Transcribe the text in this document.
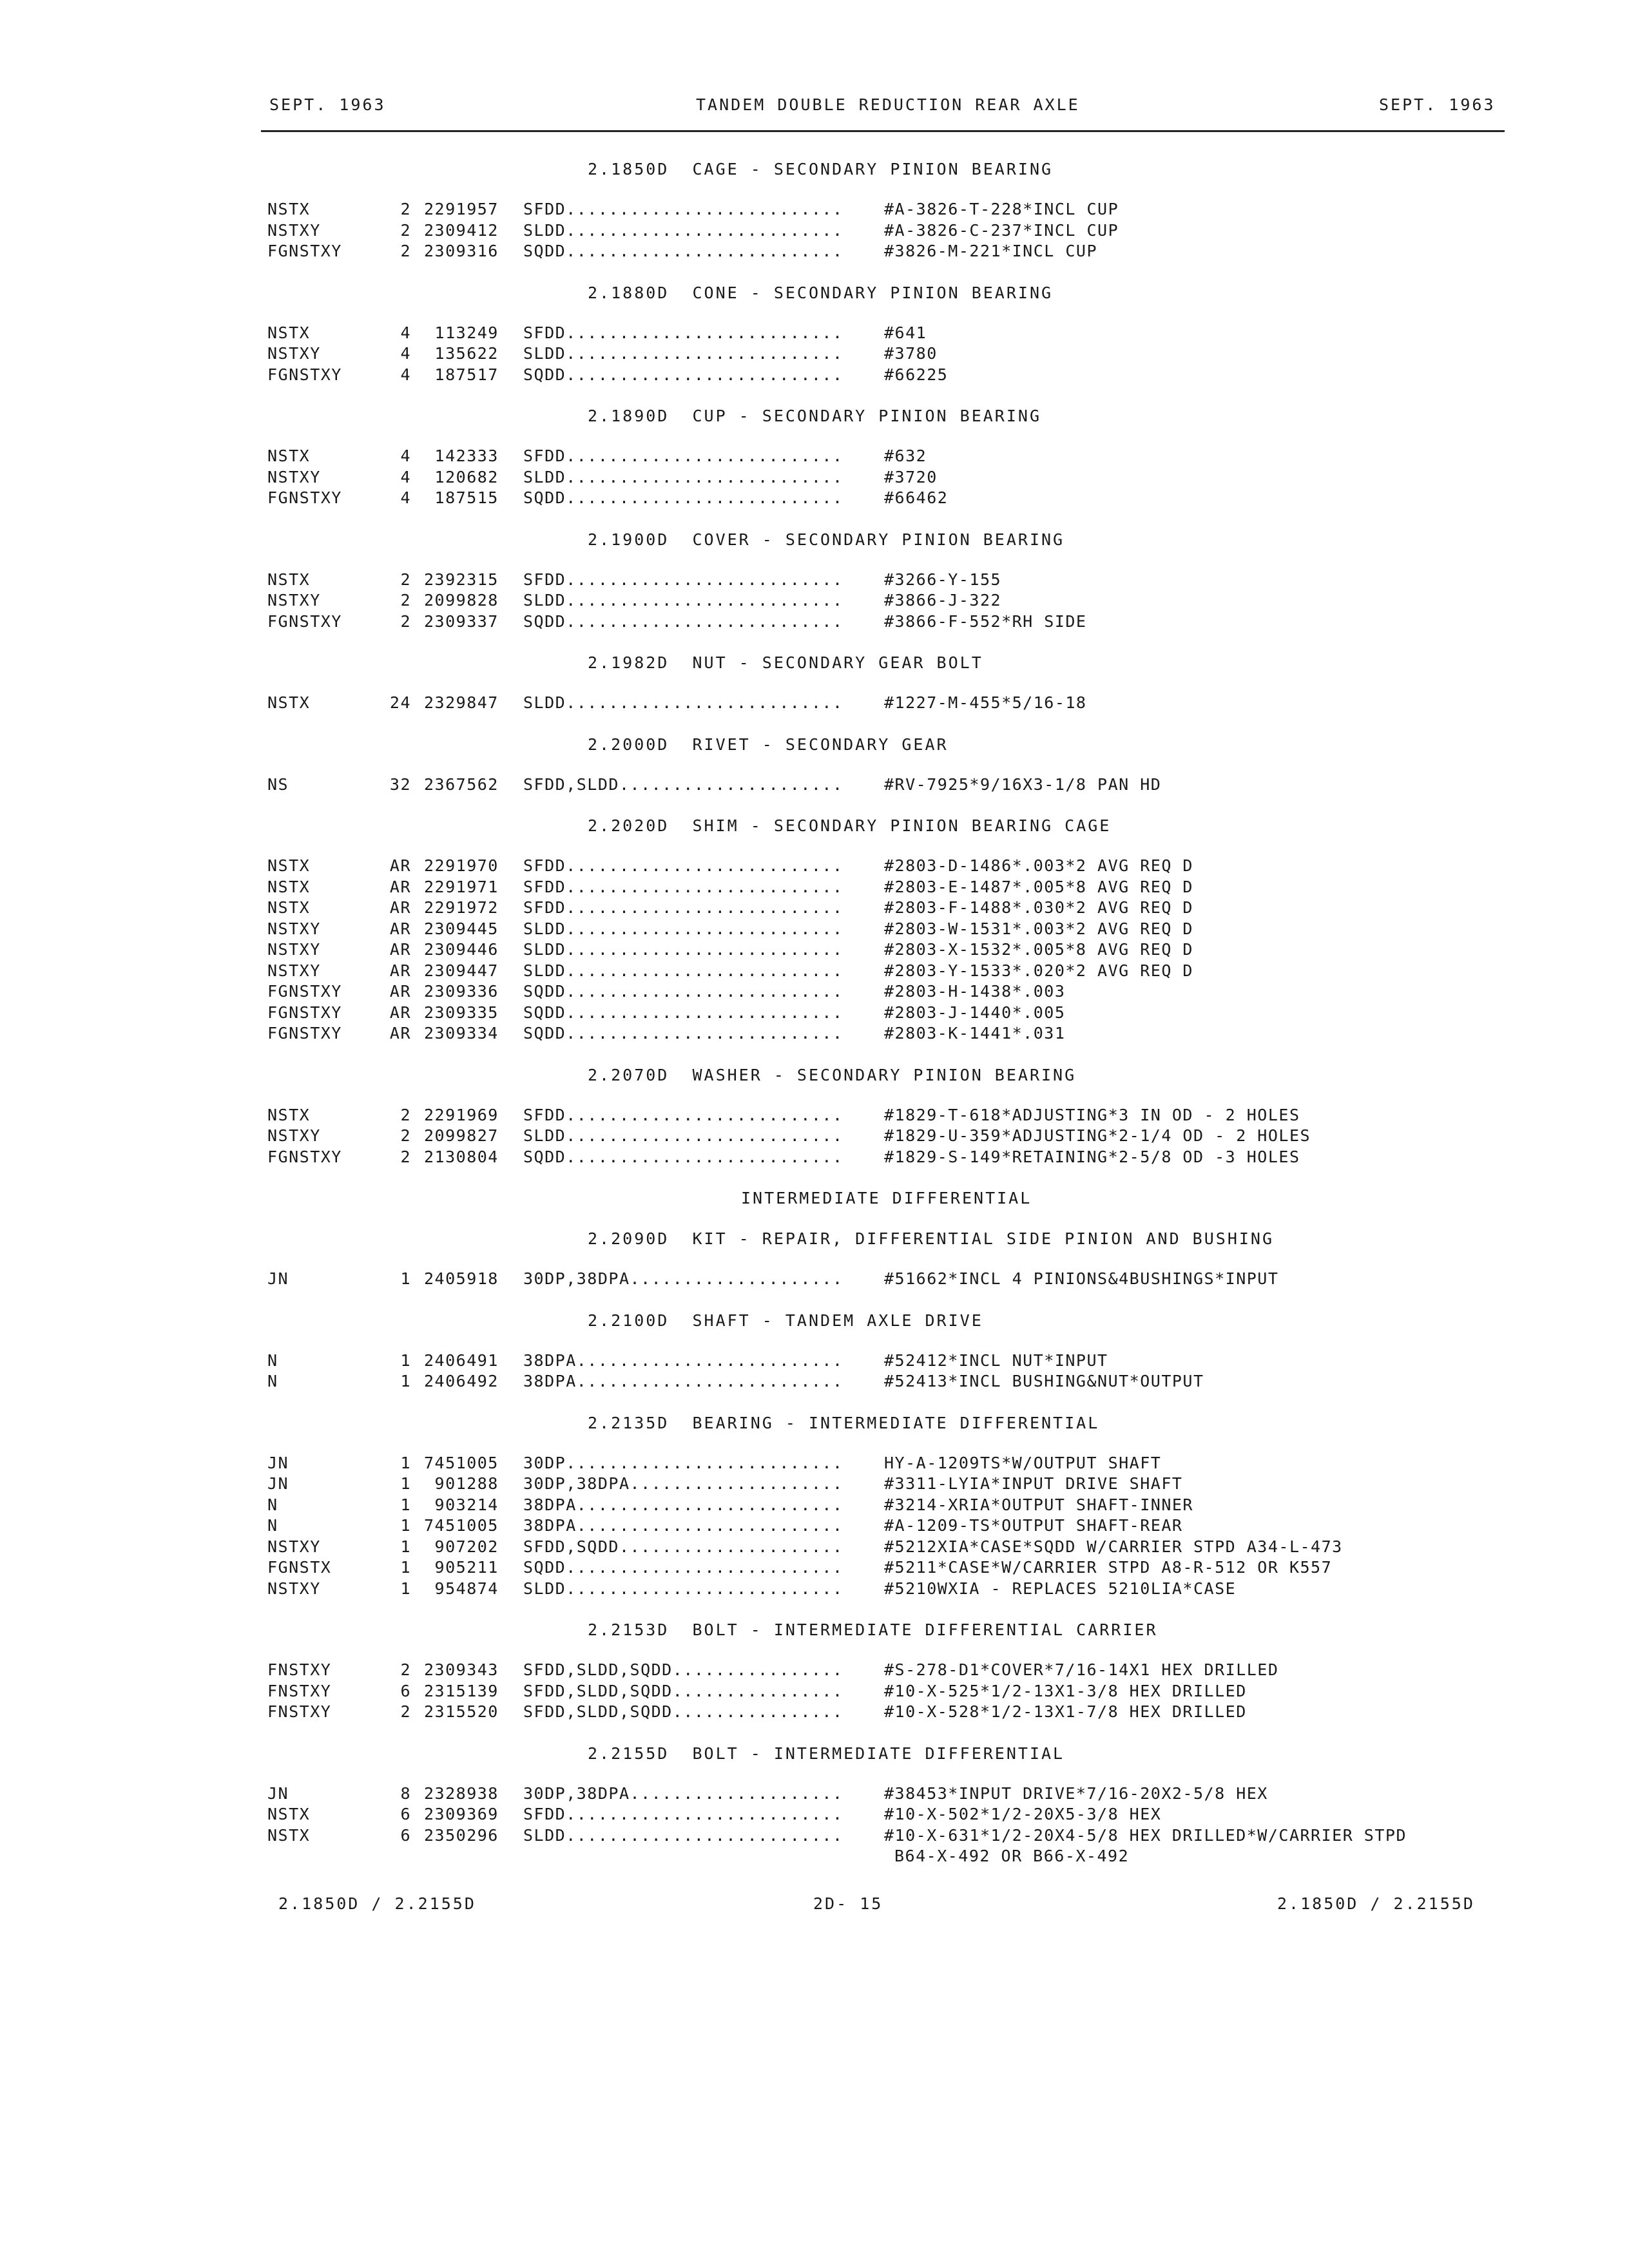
SEPT. 1963	TANDEM DOUBLE REDUCTION REAR AXLE	SEPT. 1963
2.1850D  CAGE - SECONDARY PINION BEARING
NSTX	2 2291957 SFDD..........................	#A-3826-T-228*INCL CUP
NSTXY	2 2309412 SLDD..........................	#A-3826-C-237*INCL CUP
FGNSTXY	2 2309316 SQDD..........................	#3826-M-221*INCL CUP
2.1880D  CONE - SECONDARY PINION BEARING
NSTX	4 113249 SFDD..........................	#641
NSTXY	4 135622 SLDD..........................	#3780
FGNSTXY	4 187517 SQDD..........................	#66225
2.1890D  CUP - SECONDARY PINION BEARING
NSTX	4 142333 SFDD..........................	#632
NSTXY	4 120682 SLDD..........................	#3720
FGNSTXY	4 187515 SQDD..........................	#66462
2.1900D  COVER - SECONDARY PINION BEARING
NSTX	2 2392315 SFDD..........................	#3266-Y-155
NSTXY	2 2099828 SLDD..........................	#3866-J-322
FGNSTXY	2 2309337 SQDD..........................	#3866-F-552*RH SIDE
2.1982D  NUT - SECONDARY GEAR BOLT
NSTX	24 2329847 SLDD..........................	#1227-M-455*5/16-18
2.2000D  RIVET - SECONDARY GEAR
NS	32 2367562 SFDD,SLDD.....................	#RV-7925*9/16X3-1/8 PAN HD
2.2020D  SHIM - SECONDARY PINION BEARING CAGE
NSTX	AR 2291970 SFDD..........................	#2803-D-1486*.003*2 AVG REQ D
NSTX	AR 2291971 SFDD..........................	#2803-E-1487*.005*8 AVG REQ D
NSTX	AR 2291972 SFDD..........................	#2803-F-1488*.030*2 AVG REQ D
NSTXY	AR 2309445 SLDD..........................	#2803-W-1531*.003*2 AVG REQ D
NSTXY	AR 2309446 SLDD..........................	#2803-X-1532*.005*8 AVG REQ D
NSTXY	AR 2309447 SLDD..........................	#2803-Y-1533*.020*2 AVG REQ D
FGNSTXY	AR 2309336 SQDD..........................	#2803-H-1438*.003
FGNSTXY	AR 2309335 SQDD..........................	#2803-J-1440*.005
FGNSTXY	AR 2309334 SQDD..........................	#2803-K-1441*.031
2.2070D  WASHER - SECONDARY PINION BEARING
NSTX	2 2291969 SFDD..........................	#1829-T-618*ADJUSTING*3 IN OD - 2 HOLES
NSTXY	2 2099827 SLDD..........................	#1829-U-359*ADJUSTING*2-1/4 OD - 2 HOLES
FGNSTXY	2 2130804 SQDD..........................	#1829-S-149*RETAINING*2-5/8 OD -3 HOLES
INTERMEDIATE DIFFERENTIAL
2.2090D  KIT - REPAIR, DIFFERENTIAL SIDE PINION AND BUSHING
JN	1 2405918 30DP,38DPA....................	#51662*INCL 4 PINIONS&4BUSHINGS*INPUT
2.2100D  SHAFT - TANDEM AXLE DRIVE
N	1 2406491 38DPA.........................	#52412*INCL NUT*INPUT
N	1 2406492 38DPA.........................	#52413*INCL BUSHING&NUT*OUTPUT
2.2135D  BEARING - INTERMEDIATE DIFFERENTIAL
JN	1 7451005 30DP..........................	HY-A-1209TS*W/OUTPUT SHAFT
JN	1 901288 30DP,38DPA....................	#3311-LYIA*INPUT DRIVE SHAFT
N	1 903214 38DPA.........................	#3214-XRIA*OUTPUT SHAFT-INNER
N	1 7451005 38DPA.........................	#A-1209-TS*OUTPUT SHAFT-REAR
NSTXY	1 907202 SFDD,SQDD.....................	#5212XIA*CASE*SQDD W/CARRIER STPD A34-L-473
FGNSTX	1 905211 SQDD..........................	#5211*CASE*W/CARRIER STPD A8-R-512 OR K557
NSTXY	1 954874 SLDD..........................	#5210WXIA - REPLACES 5210LIA*CASE
2.2153D  BOLT - INTERMEDIATE DIFFERENTIAL CARRIER
FNSTXY	2 2309343 SFDD,SLDD,SQDD................	#S-278-D1*COVER*7/16-14X1 HEX DRILLED
FNSTXY	6 2315139 SFDD,SLDD,SQDD................	#10-X-525*1/2-13X1-3/8 HEX DRILLED
FNSTXY	2 2315520 SFDD,SLDD,SQDD................	#10-X-528*1/2-13X1-7/8 HEX DRILLED
2.2155D  BOLT - INTERMEDIATE DIFFERENTIAL
JN	8 2328938 30DP,38DPA....................	#38453*INPUT DRIVE*7/16-20X2-5/8 HEX
NSTX	6 2309369 SFDD..........................	#10-X-502*1/2-20X5-3/8 HEX
NSTX	6 2350296 SLDD..........................	#10-X-631*1/2-20X4-5/8 HEX DRILLED*W/CARRIER STPD
B64-X-492 OR B66-X-492
2.1850D / 2.2155D	2D- 15	2.1850D / 2.2155D
